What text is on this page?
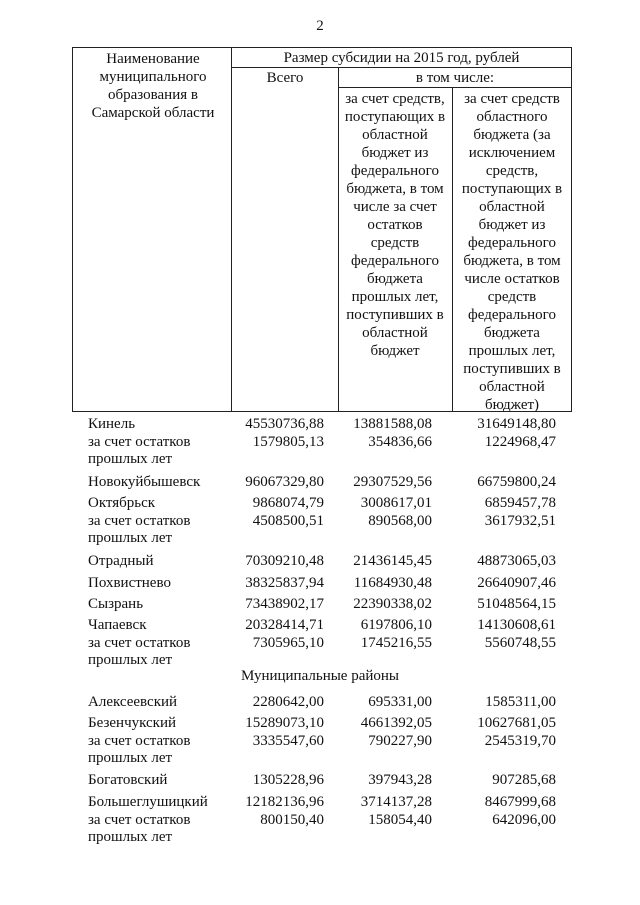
2
Наименование муниципального образования в Самарской области
Размер субсидии на 2015 год, рублей
Всего	в том числе:
за счет средств, поступающих в областной бюджет из федерального бюджета, в том числе за счет остатков средств федерального бюджета прошлых лет, поступивших в областной бюджет
за счет средств областного бюджета (за исключением средств, поступающих в областной бюджет из федерального бюджета, в том числе остатков средств федерального бюджета прошлых лет, поступивших в областной бюджет)
Кинель	45530736,88 13881588,08	31649148,80
за счет остатков прошлых лет
1579805,13	354836,66	1224968,47
Новокуйбышевск	96067329,80 29307529,56	66759800,24
Октябрьск	9868074,79 3008617,01	6859457,78
за счет остатков прошлых лет
4508500,51	890568,00	3617932,51
Отрадный	70309210,48 21436145,45	48873065,03
Похвистнево	38325837,94 11684930,48	26640907,46
Сызрань	73438902,17 22390338,02	51048564,15
Чапаевск	20328414,71 6197806,10	14130608,61
за счет остатков прошлых лет
7305965,10 1745216,55	5560748,55
Муниципальные районы
Алексеевский	2280642,00	695331,00	1585311,00
Безенчукский	15289073,10 4661392,05	10627681,05
за счет остатков прошлых лет
3335547,60	790227,90	2545319,70
Богатовский	1305228,96	397943,28	907285,68
Большеглушицкий	12182136,96 3714137,28	8467999,68
за счет остатков прошлых лет
800150,40	158054,40	642096,00
